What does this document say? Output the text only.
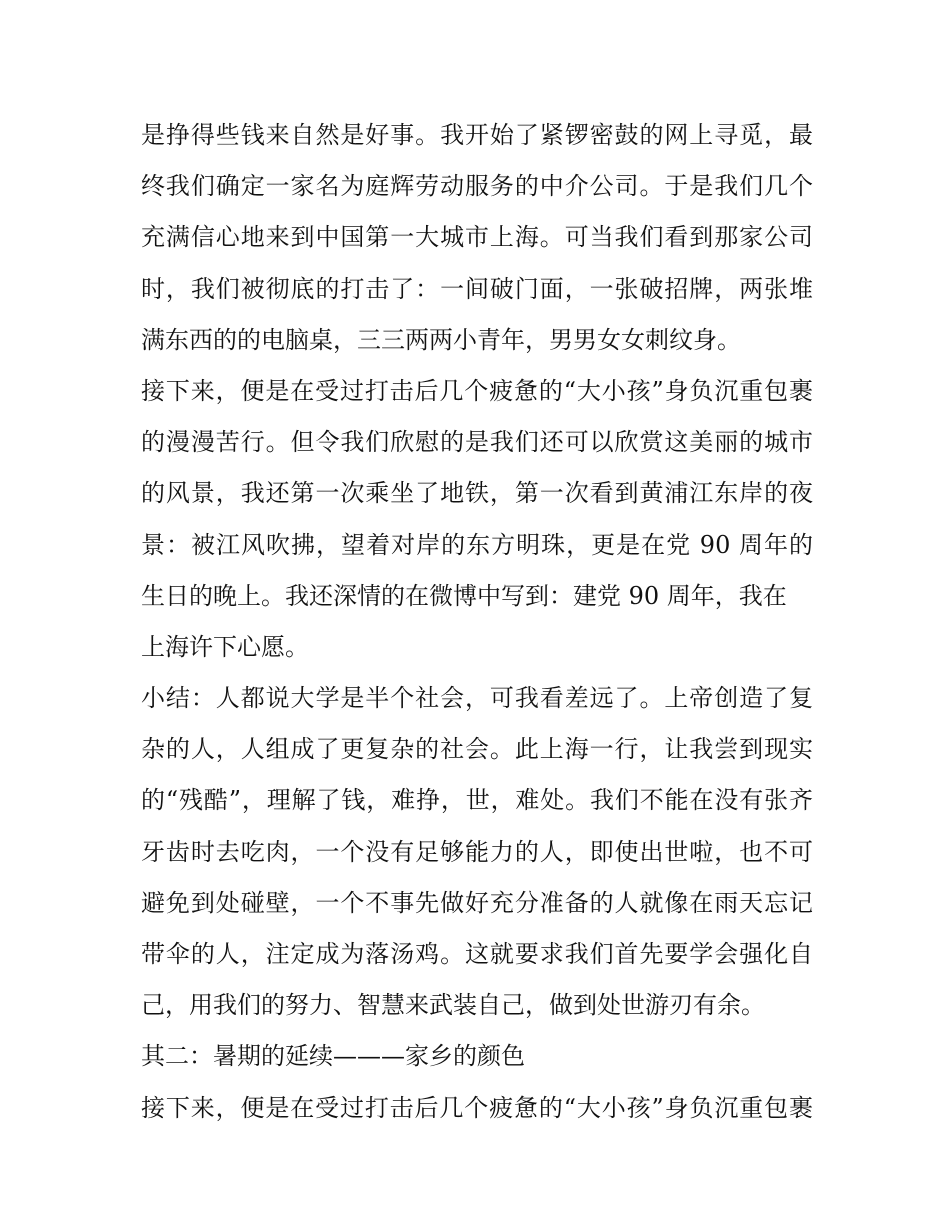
是挣得些钱来自然是好事。我开始了紧锣密鼓的网上寻觅，最
终我们确定一家名为庭辉劳动服务的中介公司。于是我们几个
充满信心地来到中国第一大城市上海。可当我们看到那家公司
时，我们被彻底的打击了：一间破门面，一张破招牌，两张堆
满东西的的电脑桌，三三两两小青年，男男女女刺纹身。
接下来，便是在受过打击后几个疲惫的“大小孩”身负沉重包裹
的漫漫苦行。但令我们欣慰的是我们还可以欣赏这美丽的城市
的风景，我还第一次乘坐了地铁，第一次看到黄浦江东岸的夜
景：被江风吹拂，望着对岸的东方明珠，更是在党 90 周年的
生日的晚上。我还深情的在微博中写到：建党 90 周年，我在
上海许下心愿。
小结：人都说大学是半个社会，可我看差远了。上帝创造了复
杂的人，人组成了更复杂的社会。此上海一行，让我尝到现实
的“残酷”，理解了钱，难挣，世，难处。我们不能在没有张齐
牙齿时去吃肉，一个没有足够能力的人，即使出世啦，也不可
避免到处碰壁，一个不事先做好充分准备的人就像在雨天忘记
带伞的人，注定成为落汤鸡。这就要求我们首先要学会强化自
己，用我们的努力、智慧来武装自己，做到处世游刃有余。
其二：暑期的延续———家乡的颜色
接下来，便是在受过打击后几个疲惫的“大小孩”身负沉重包裹
